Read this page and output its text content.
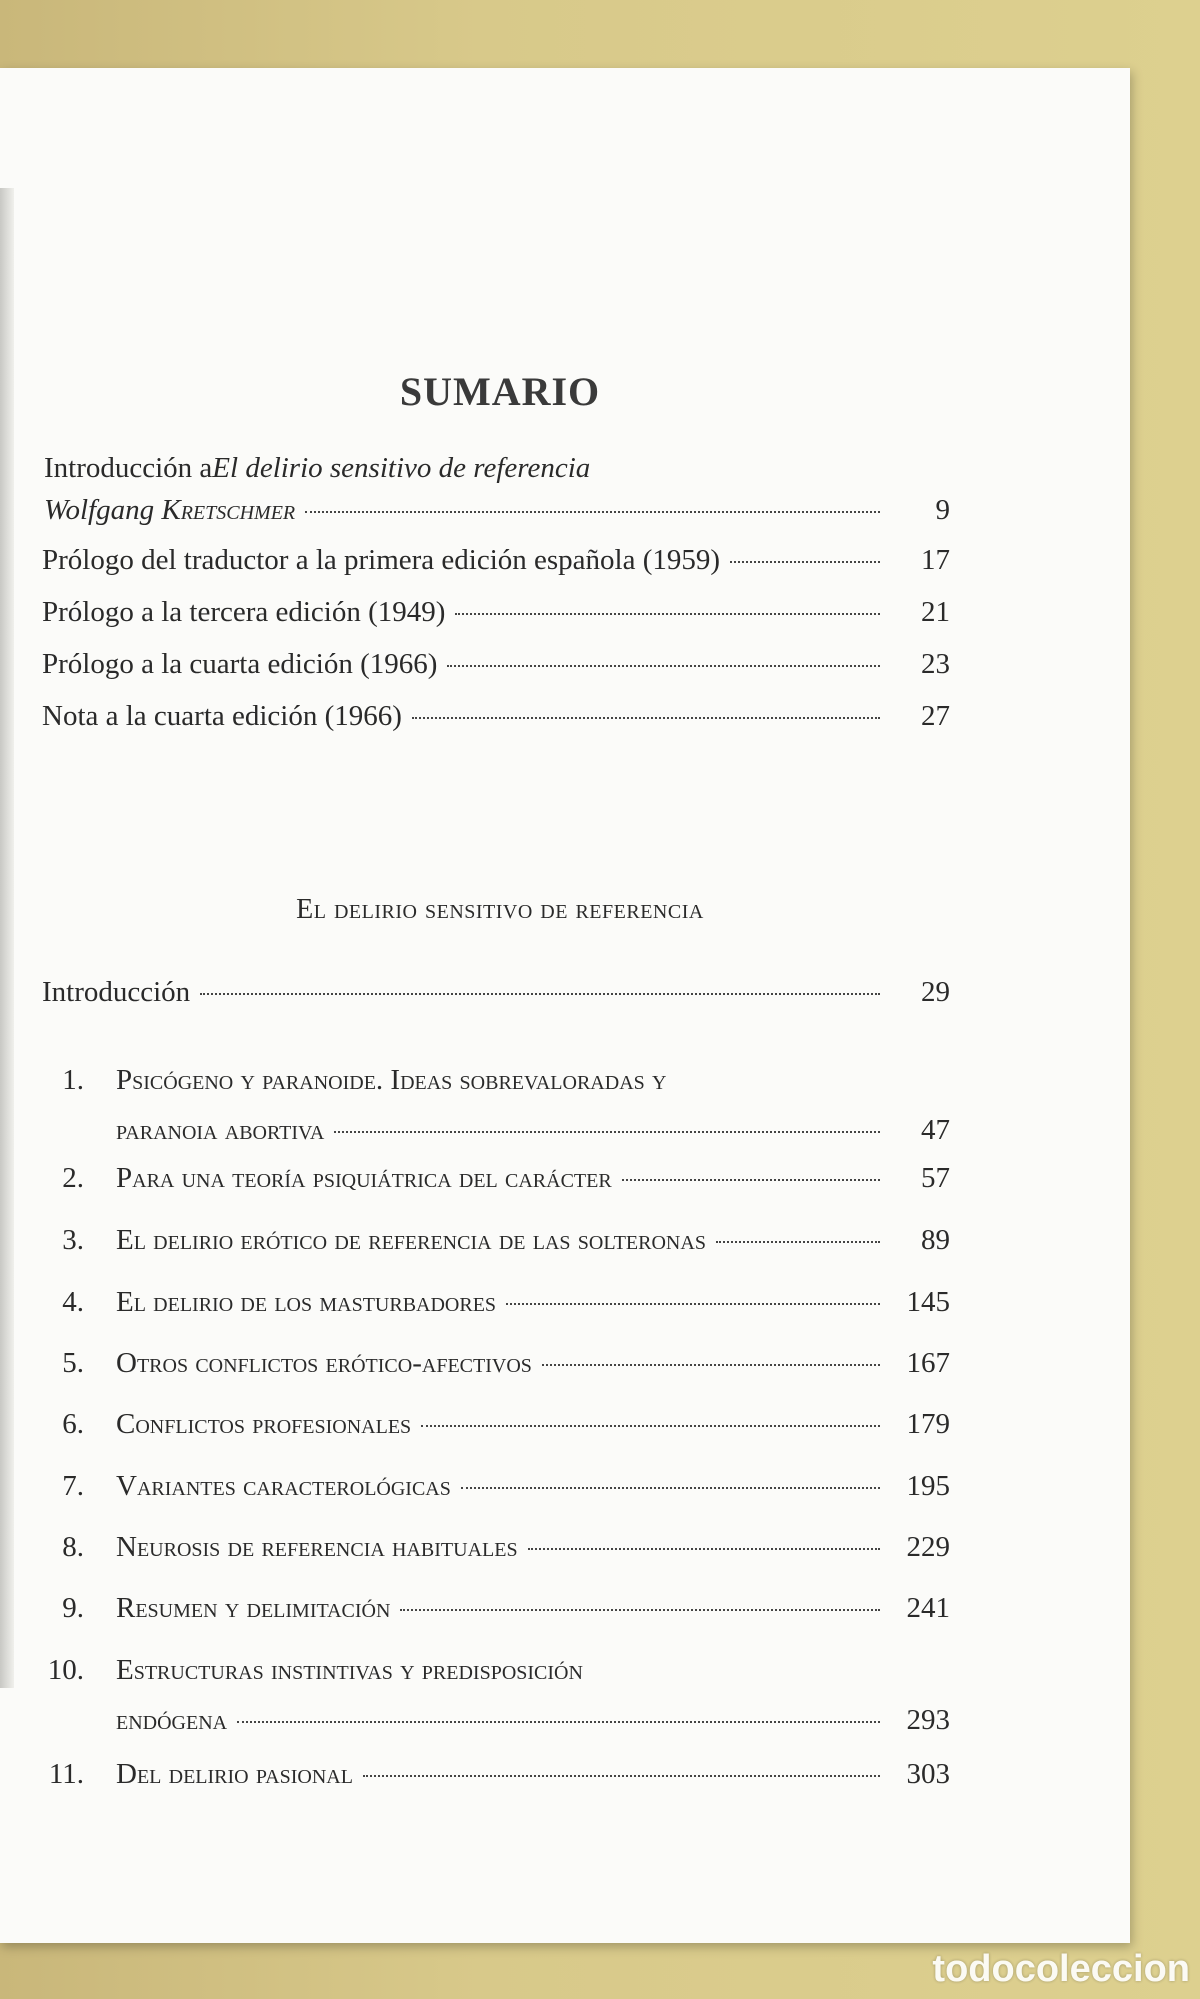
SUMARIO
Introducción a El delirio sensitivo de referencia
Wolfgang Kretschmer	9
Prólogo del traductor a la primera edición española (1959)	17
Prólogo a la tercera edición (1949)	21
Prólogo a la cuarta edición (1966)	23
Nota a la cuarta edición (1966)	27
El delirio sensitivo de referencia
Introducción	29
1. Psicógeno y paranoide. Ideas sobrevaloradas y
paranoia abortiva	47
2. Para una teoría psiquiátrica del carácter	57
3. El delirio erótico de referencia de las solteronas	89
4. El delirio de los masturbadores	145
5. Otros conflictos erótico-afectivos	167
6. Conflictos profesionales	179
7. Variantes caracterológicas	195
8. Neurosis de referencia habituales	229
9. Resumen y delimitación	241
10. Estructuras instintivas y predisposición
endógena	293
11. Del delirio pasional	303
todocoleccion
